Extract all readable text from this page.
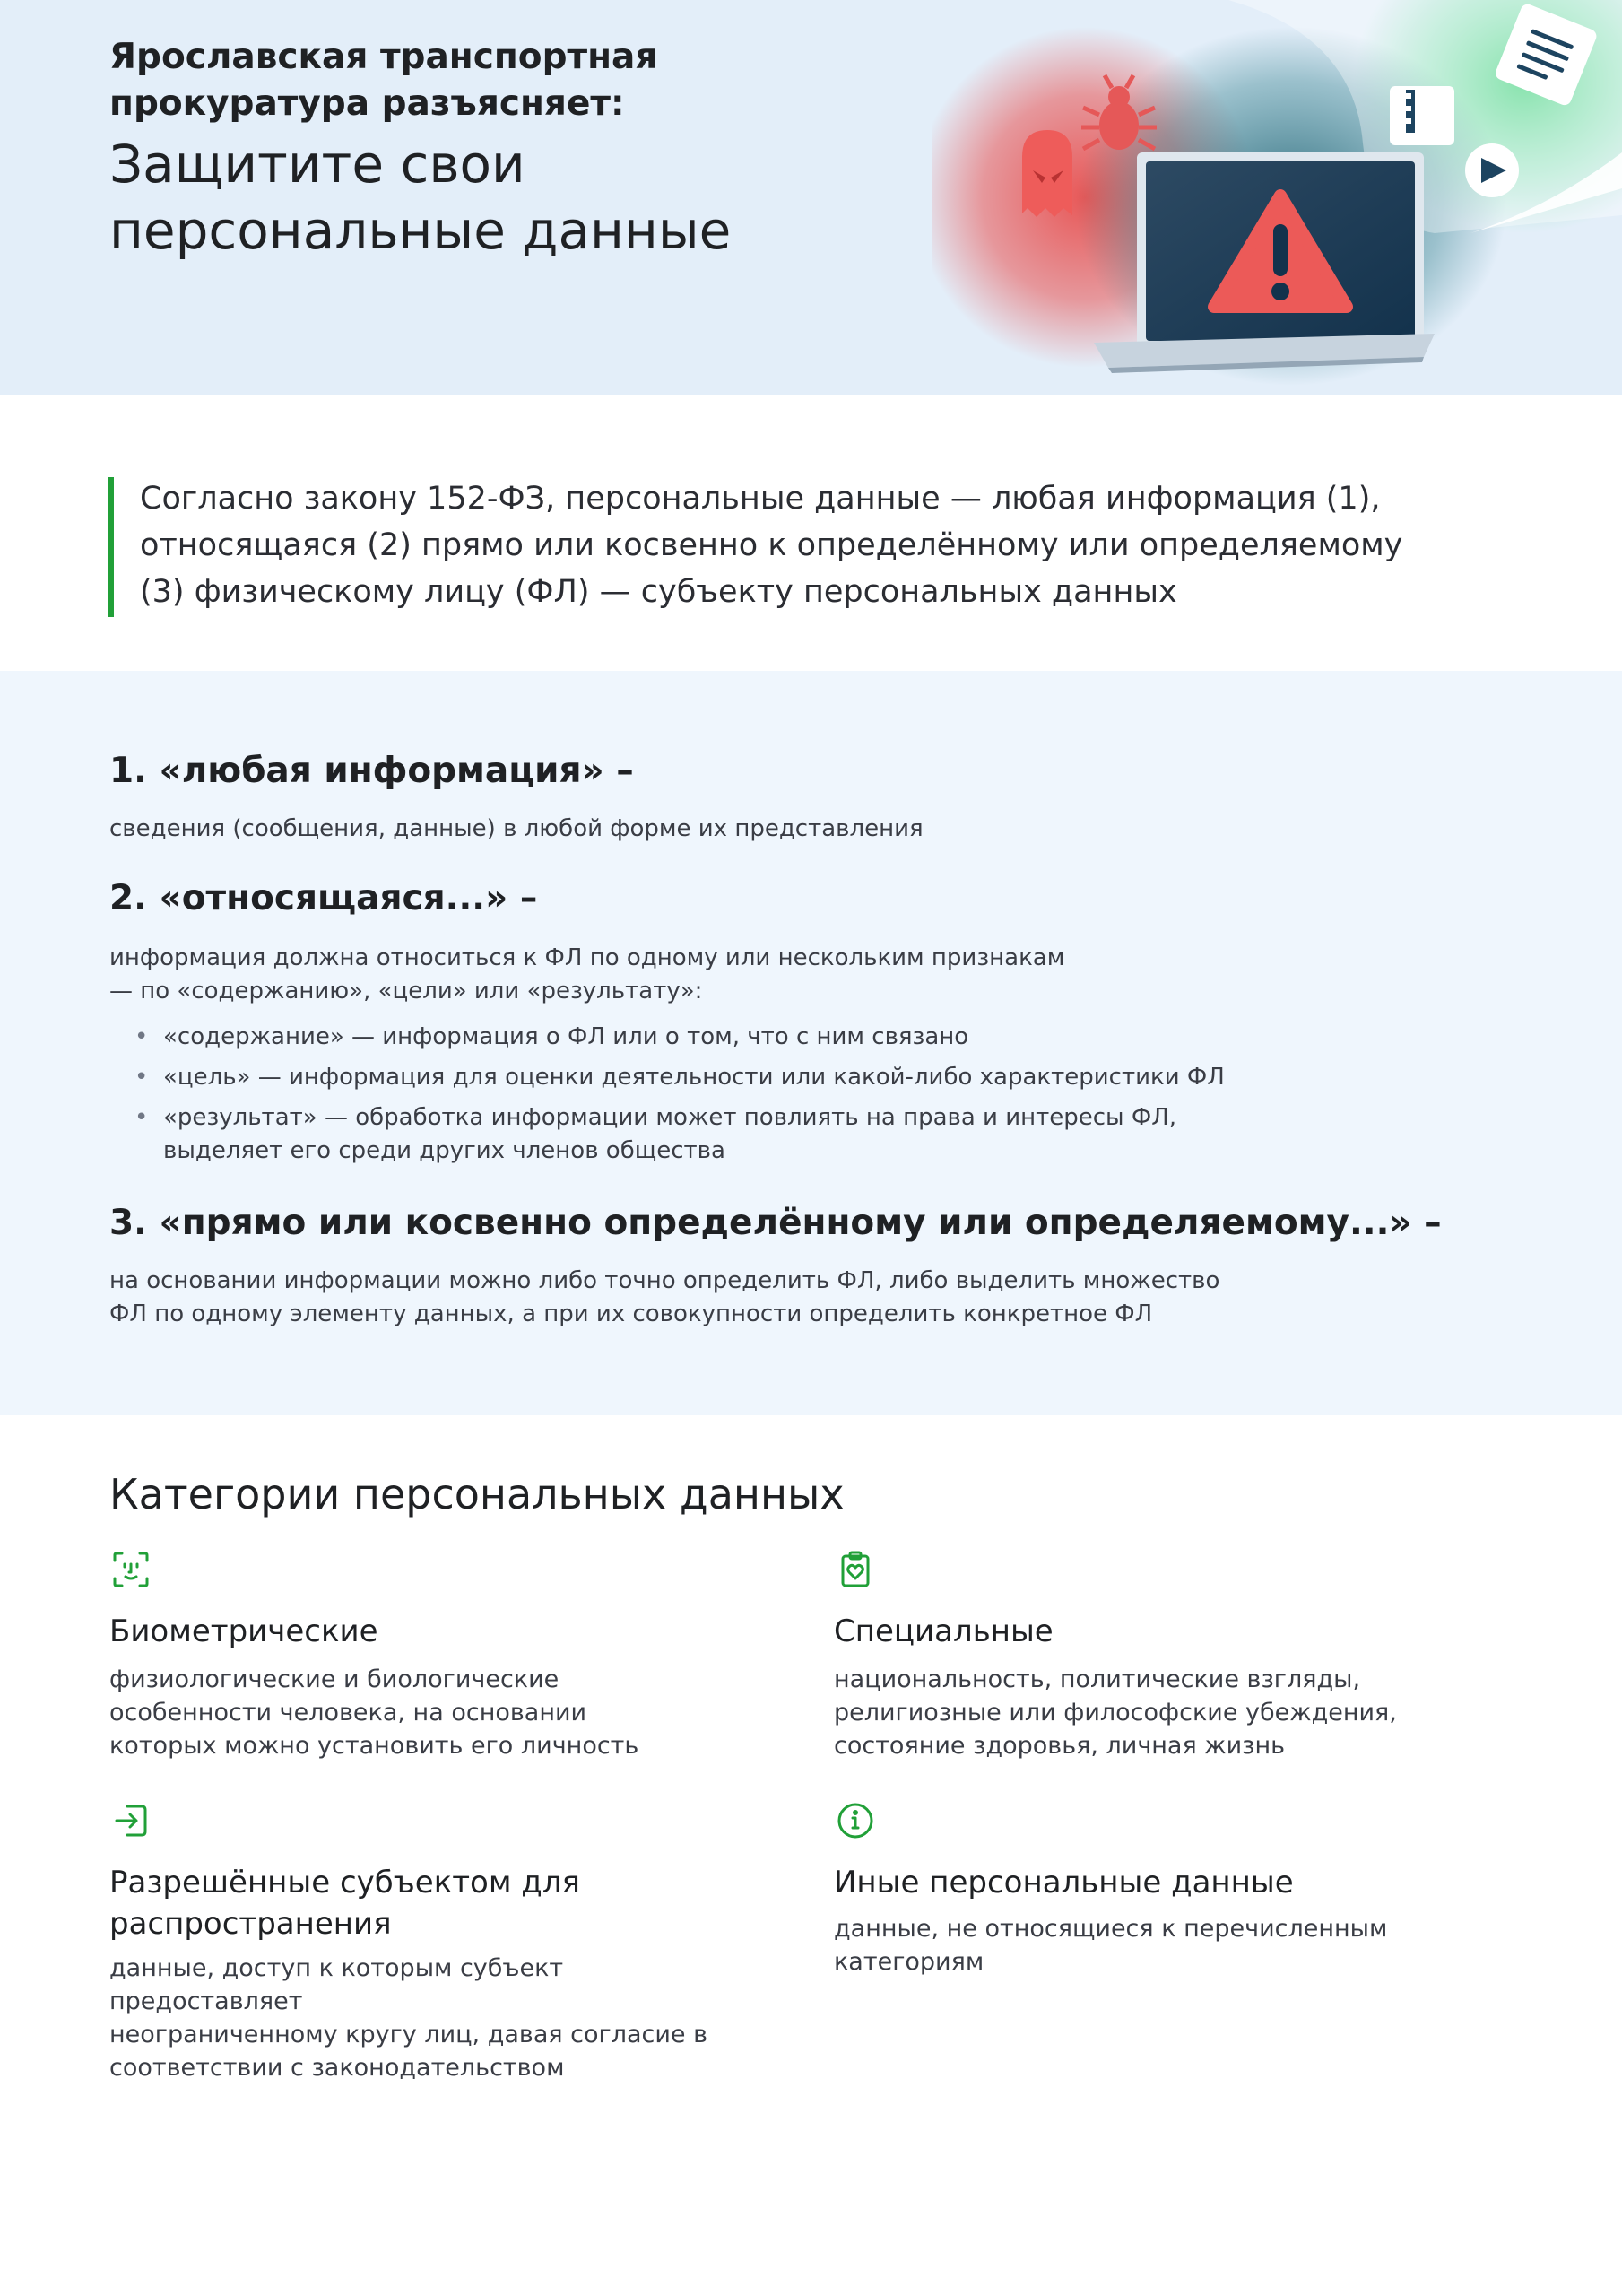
Ярославская транспортная
прокуратура разъясняет:
Защитите свои
персональные данные
Согласно закону 152-ФЗ, персональные данные — любая информация (1),
относящаяся (2) прямо или косвенно к определённому или определяемому
(3) физическому лицу (ФЛ) — субъекту персональных данных
1. «любая информация» –
сведения (сообщения, данные) в любой форме их представления
2. «относящаяся...» –
информация должна относиться к ФЛ по одному или нескольким признакам
— по «содержанию», «цели» или «результату»:
• «содержание» — информация о ФЛ или о том, что с ним связано
• «цель» — информация для оценки деятельности или какой-либо характеристики ФЛ
• «результат» — обработка информации может повлиять на права и интересы ФЛ,
выделяет его среди других членов общества
3. «прямо или косвенно определённому или определяемому...» –
на основании информации можно либо точно определить ФЛ, либо выделить множество
ФЛ по одному элементу данных, а при их совокупности определить конкретное ФЛ
Категории персональных данных
Биометрические
физиологические и биологические
особенности человека, на основании
которых можно установить его личность
Специальные
национальность, политические взгляды,
религиозные или философские убеждения,
состояние здоровья, личная жизнь
Разрешённые субъектом для
распространения
данные, доступ к которым субъект предоставляет
неограниченному кругу лиц, давая согласие в
соответствии с законодательством
Иные персональные данные
данные, не относящиеся к перечисленным категориям
